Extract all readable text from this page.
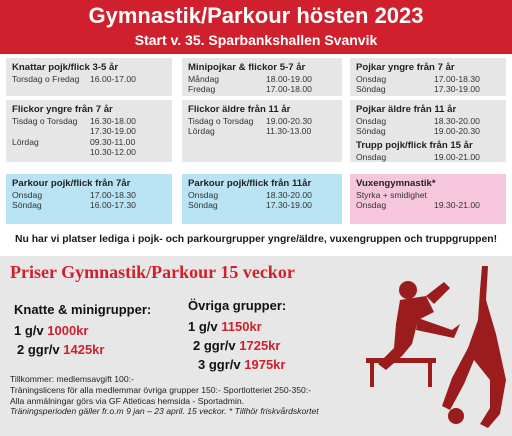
Gymnastik/Parkour hösten 2023
Start v. 35. Sparbankshallen Svanvik
Knattar pojk/flick 3-5 år
Torsdag o Fredag	16.00-17.00
Minipojkar & flickor 5-7 år
Måndag	18.00-19.00
Fredag	17.00-18.00
Pojkar yngre från 7 år
Onsdag	17.00-18.30
Söndag	17.30-19.00
Flickor yngre från 7 år
Tisdag o Torsdag	16.30-18.00
17.30-19.00
Lördag	09.30-11.00
10.30-12.00
Flickor äldre från 11 år
Tisdag o Torsdag	19.00-20.30
Lördag	11.30-13.00
Pojkar äldre från 11 år
Onsdag	18.30-20.00
Söndag	19.00-20.30
Trupp pojk/flick från 15 år
Onsdag	19.00-21.00
Parkour pojk/flick från 7år
Onsdag	17.00-18.30
Söndag	16.00-17.30
Parkour pojk/flick från 11år
Onsdag	18.30-20.00
Söndag	17.30-19.00
Vuxengymnastik*
Styrka + smidighet
Onsdag	19.30-21.00
Nu har vi platser lediga i pojk- och parkourgrupper yngre/äldre, vuxengruppen och truppgruppen!
Priser Gymnastik/Parkour 15 veckor
Knatte & minigrupper:
1 g/v 1000kr
2 ggr/v 1425kr
Övriga grupper:
1 g/v 1150kr
2 ggr/v 1725kr
3 ggr/v 1975kr
Tillkommer: medlemsavgift 100:-
Träningslicens för alla medlemmar övriga grupper 150:- Sportlotteriet 250-350:-
Alla anmälningar görs via GF Atleticas hemsida - Sportadmin.
Träningsperioden gäller fr.o.m 9 jan – 23 april. 15 veckor. * Tillhör friskvårdskortet
